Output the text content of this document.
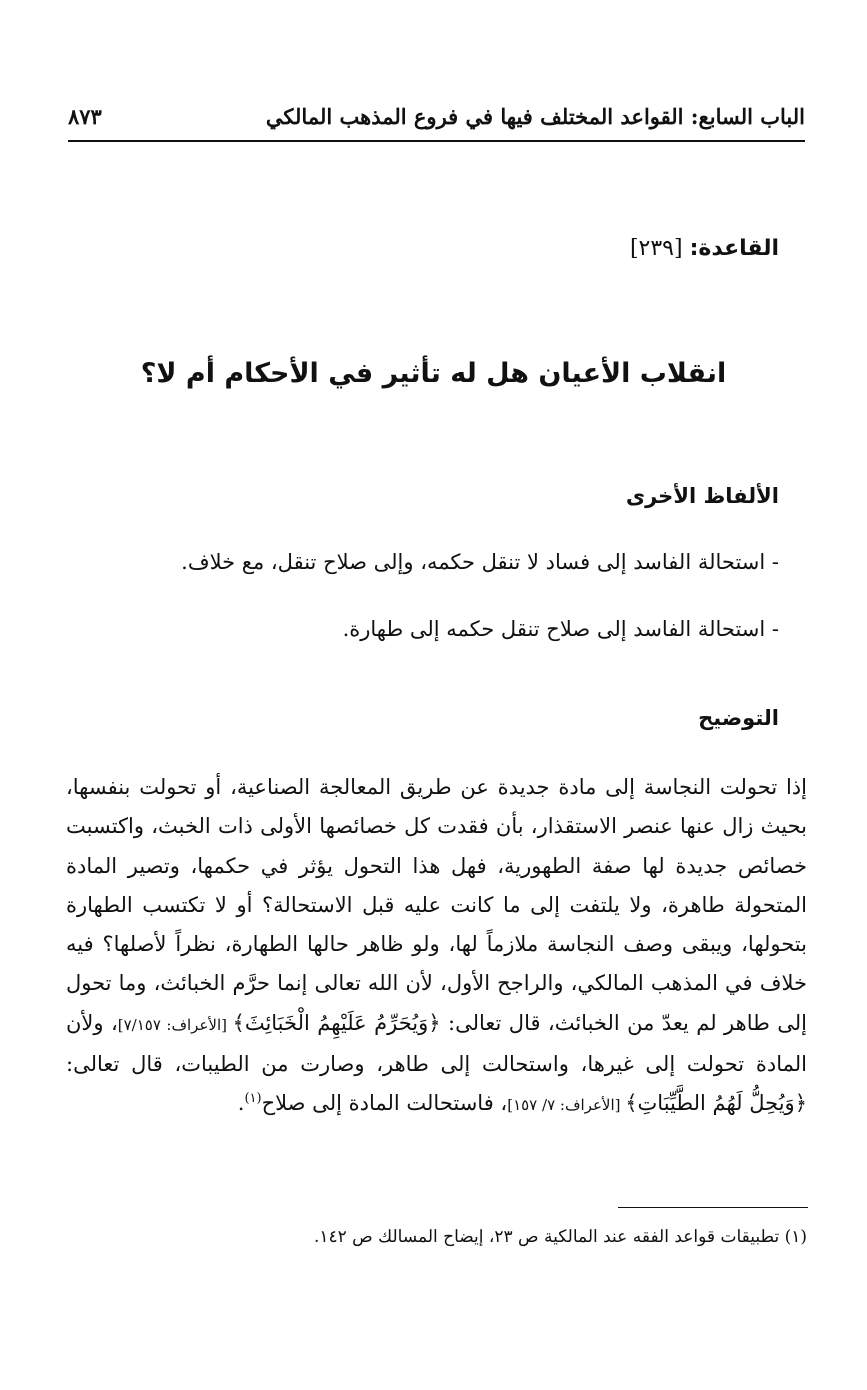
الباب السابع: القواعد المختلف فيها في فروع المذهب المالكي
٨٧٣
القاعدة: [٢٣٩]
انقلاب الأعيان هل له تأثير في الأحكام أم لا؟
الألفاظ الأخرى
- استحالة الفاسد إلى فساد لا تنقل حكمه، وإلى صلاح تنقل، مع خلاف.
- استحالة الفاسد إلى صلاح تنقل حكمه إلى طهارة.
التوضيح
إذا تحولت النجاسة إلى مادة جديدة عن طريق المعالجة الصناعية، أو تحولت بنفسها، بحيث زال عنها عنصر الاستقذار، بأن فقدت كل خصائصها الأولى ذات الخبث، واكتسبت خصائص جديدة لها صفة الطهورية، فهل هذا التحول يؤثر في حكمها، وتصير المادة المتحولة طاهرة، ولا يلتفت إلى ما كانت عليه قبل الاستحالة؟ أو لا تكتسب الطهارة بتحولها، ويبقى وصف النجاسة ملازماً لها، ولو ظاهر حالها الطهارة، نظراً لأصلها؟ فيه خلاف في المذهب المالكي، والراجح الأول، لأن الله تعالى إنما حرَّم الخبائث، وما تحول إلى طاهر لم يعدّ من الخبائث، قال تعالى: ﴿وَيُحَرِّمُ عَلَيْهِمُ الْخَبَائِثَ﴾ [الأعراف: ٧/١٥٧]، ولأن المادة تحولت إلى غيرها، واستحالت إلى طاهر، وصارت من الطيبات، قال تعالى: ﴿وَيُحِلُّ لَهُمُ الطَّيِّبَاتِ﴾ [الأعراف: ٧/ ١٥٧]، فاستحالت المادة إلى صلاح$^{(١)}$.
(١) تطبيقات قواعد الفقه عند المالكية ص ٢٣، إيضاح المسالك ص ١٤٢.
